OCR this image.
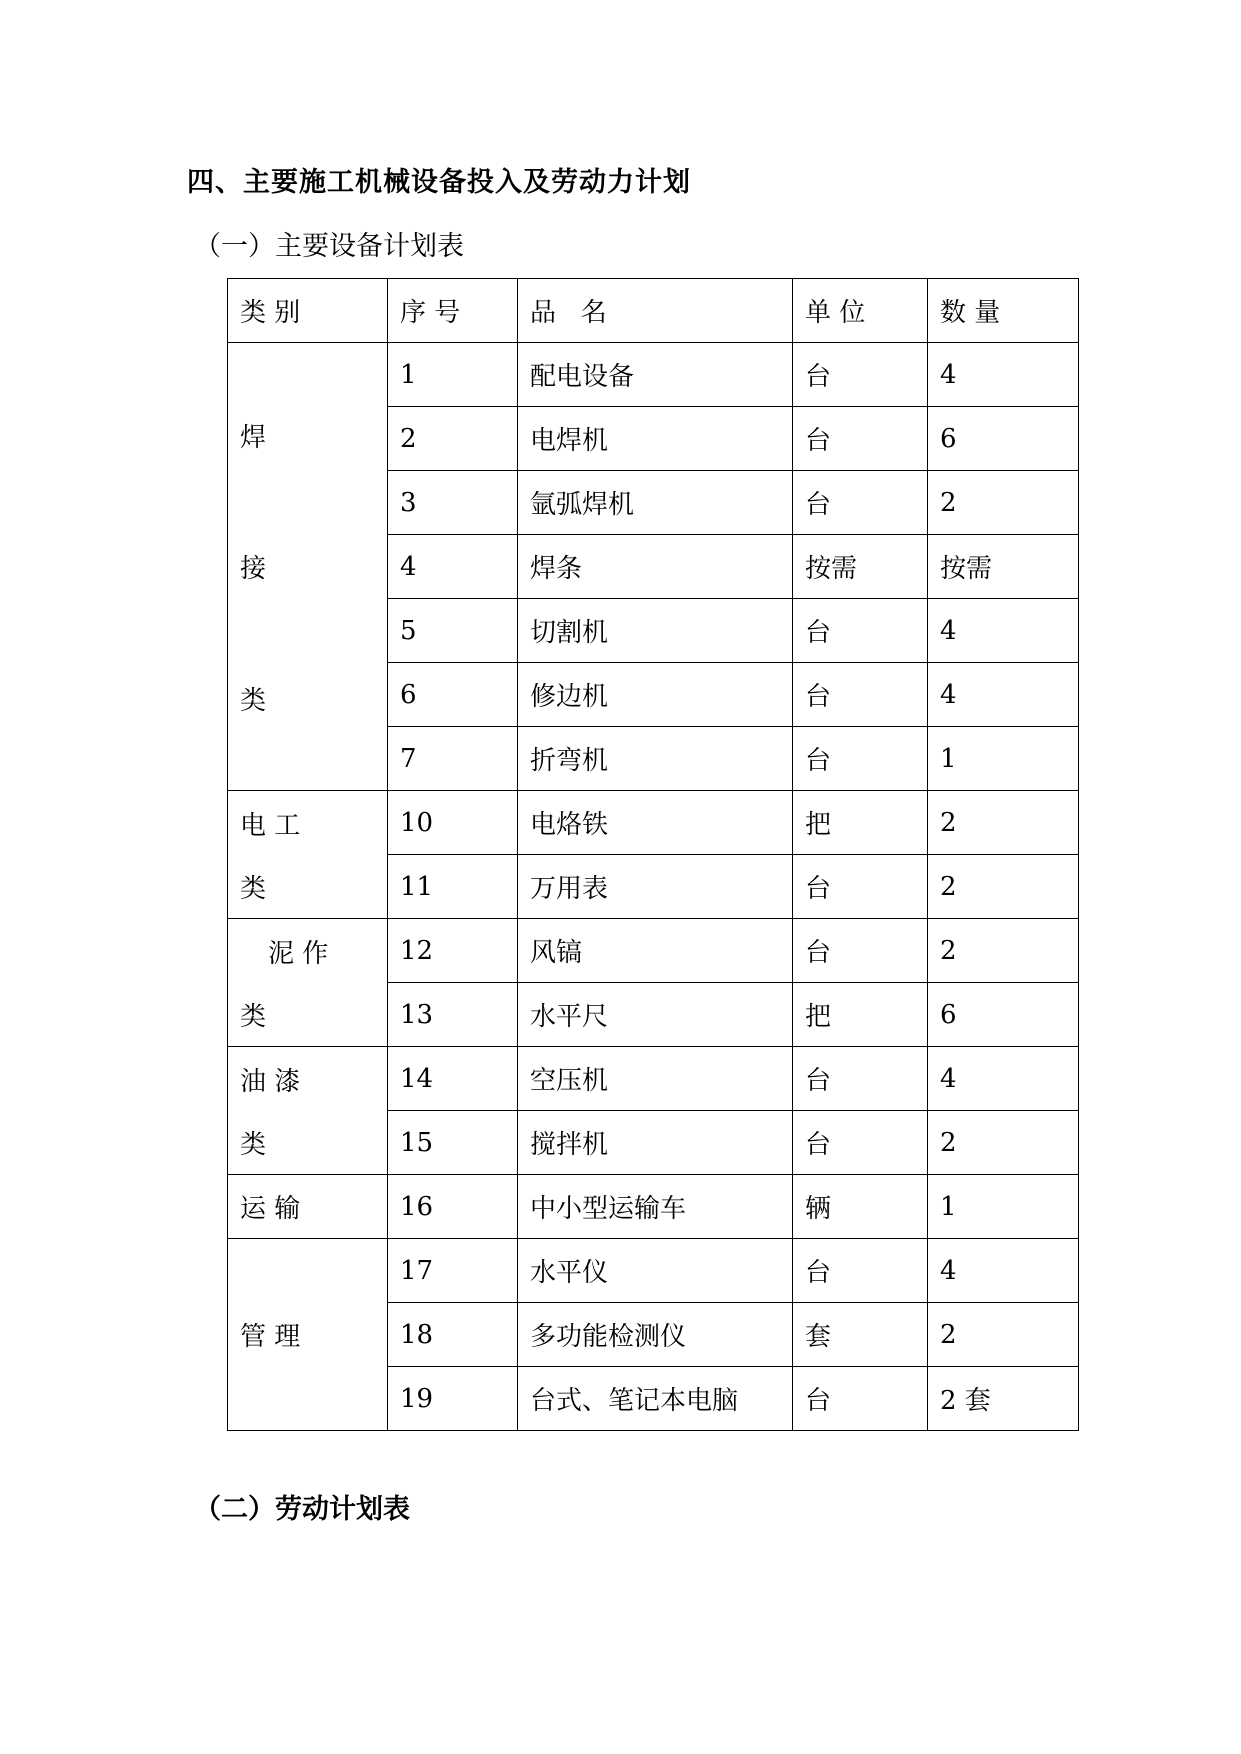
四、主要施工机械设备投入及劳动力计划
（一）主要设备计划表
类 别	序 号	品   名	单 位	数 量

焊
接
类	1	配电设备	台	4
	2	电焊机	台	6
	3	氩弧焊机	台	2
	4	焊条	按需	按需
	5	切割机	台	4
	6	修边机	台	4
	7	折弯机	台	1

电 工
类	10	电烙铁	把	2
	11	万用表	台	2

泥 作
类	12	风镐	台	2
	13	水平尺	把	6

油 漆
类	14	空压机	台	4
	15	搅拌机	台	2
运 输	16	中小型运输车	辆	1
管 理	17	水平仪	台	4
	18	多功能检测仪	套	2
	19	台式、笔记本电脑	台	2 套
（二）劳动计划表
